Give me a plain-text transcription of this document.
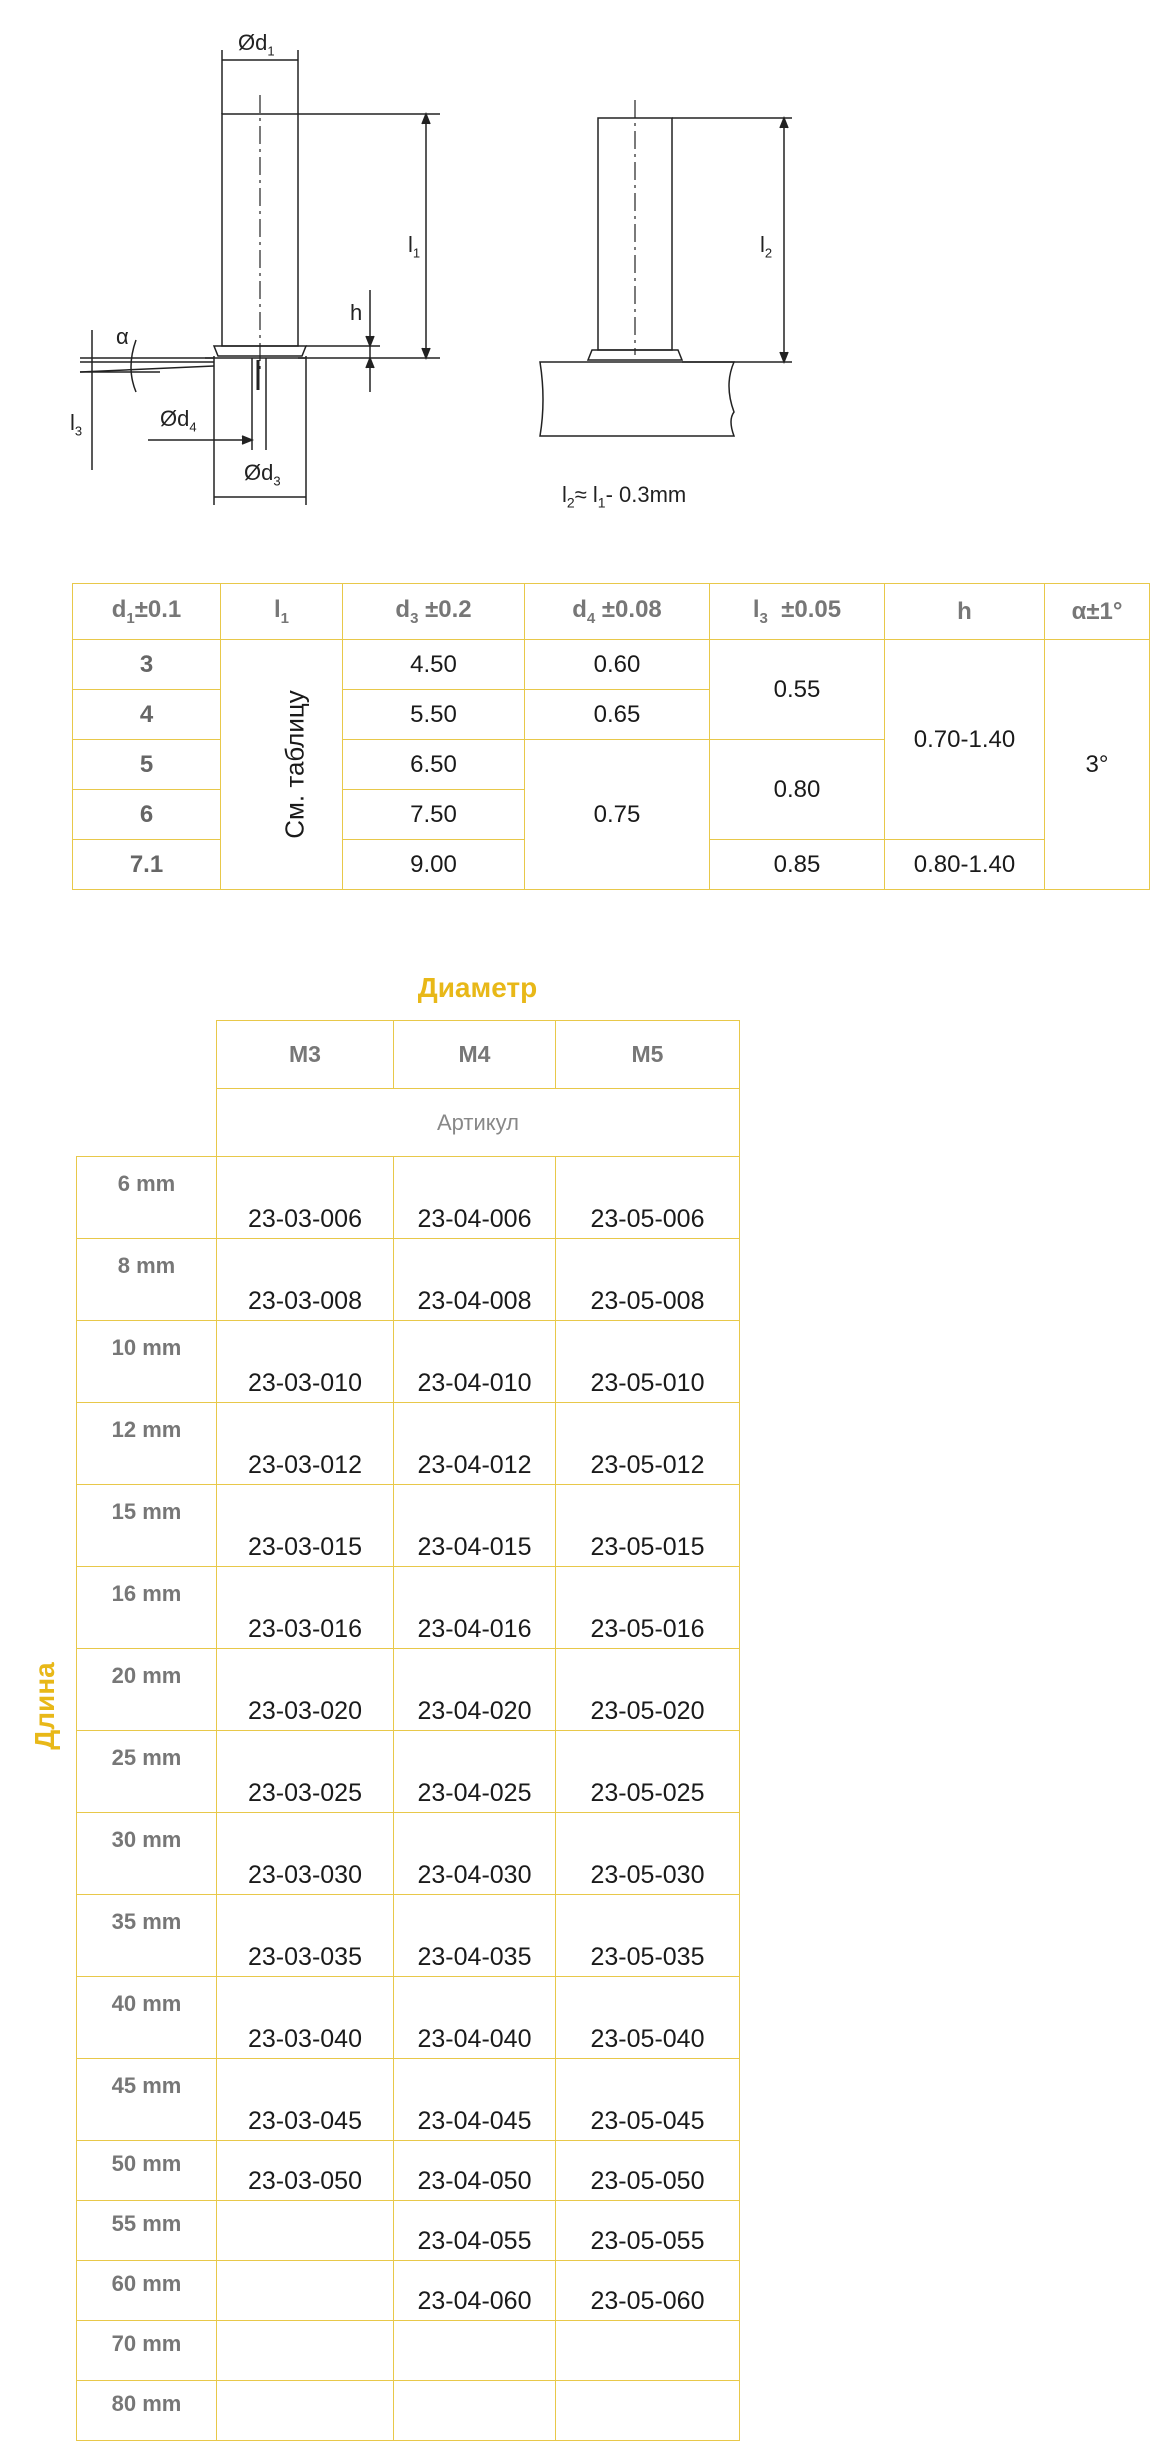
$Ød_1$
$l_1$	$l_2$
h
α
$l_3$	$Ød_4$
$Ød_3$
$l_2\approx l_1-$ 0.3mm
$d_1\pm 0.1$	$l_1$	$d_3 \pm 0.2$	$d_4 \pm 0.08$	$l_3 \pm 0.05$	h	α±1°
3	См. таблицу	4.50	0.60	0.55	0.70-1.40	3°
4		5.50	0.65			
5		6.50	0.75	0.80		
6		7.50				
7.1		9.00		0.85	0.80-1.40	
Диаметр
Длина
	M3	M4	M5
	Артикул		
6 mm	23-03-006	23-04-006	23-05-006
8 mm	23-03-008	23-04-008	23-05-008
10 mm	23-03-010	23-04-010	23-05-010
12 mm	23-03-012	23-04-012	23-05-012
15 mm	23-03-015	23-04-015	23-05-015
16 mm	23-03-016	23-04-016	23-05-016
20 mm	23-03-020	23-04-020	23-05-020
25 mm	23-03-025	23-04-025	23-05-025
30 mm	23-03-030	23-04-030	23-05-030
35 mm	23-03-035	23-04-035	23-05-035
40 mm	23-03-040	23-04-040	23-05-040
45 mm	23-03-045	23-04-045	23-05-045
50 mm	23-03-050	23-04-050	23-05-050
55 mm		23-04-055	23-05-055
60 mm		23-04-060	23-05-060
70 mm			
80 mm			
